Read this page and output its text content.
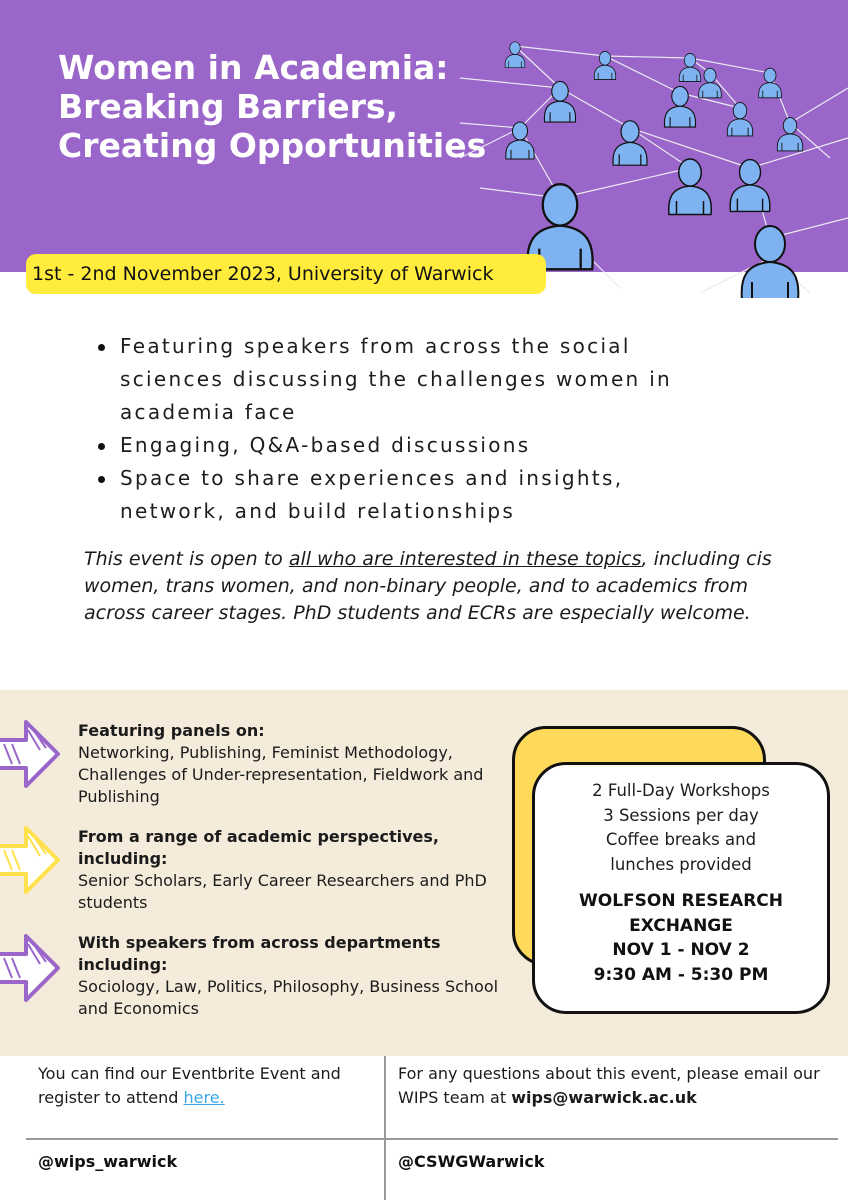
Women in Academia: Breaking Barriers, Creating Opportunities
1st - 2nd November 2023, University of Warwick
Featuring speakers from across the social sciences discussing the challenges women in academia face
Engaging, Q&A-based discussions
Space to share experiences and insights, network, and build relationships

This event is open to all who are interested in these topics, including cis women, trans women, and non-binary people, and to academics from across career stages. PhD students and ECRs are especially welcome.

Featuring panels on:
Networking, Publishing, Feminist Methodology, Challenges of Under-representation, Fieldwork and Publishing
From a range of academic perspectives, including:
Senior Scholars, Early Career Researchers and PhD students
With speakers from across departments including:
Sociology, Law, Politics, Philosophy, Business School and Economics
2 Full-Day Workshops
3 Sessions per day
Coffee breaks and
lunches provided
WOLFSON RESEARCH
EXCHANGE
NOV 1 - NOV 2
9:30 AM - 5:30 PM
You can find our Eventbrite Event and register to attend here.
For any questions about this event, please email our WIPS team at wips@warwick.ac.uk
@wips_warwick	@CSWGWarwick
